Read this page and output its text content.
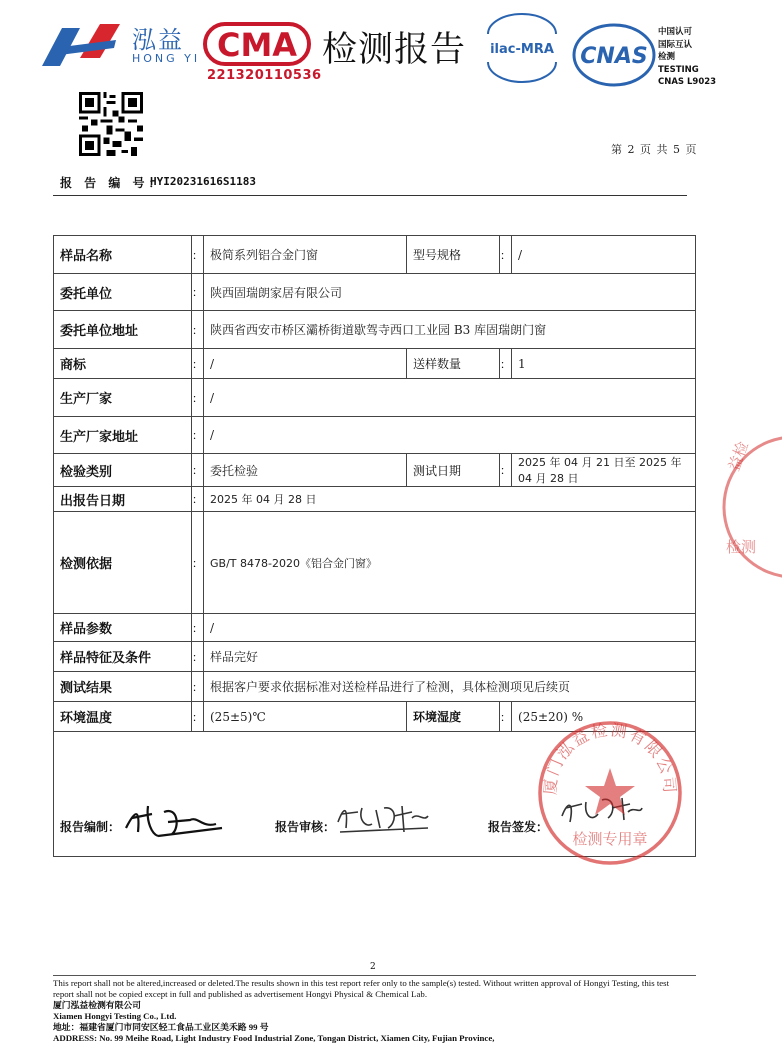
泓益
HONG YI CMA
221320110536
检测报告 ilac-MRA CNAS
中国认可
国际互认
检测
TESTING
CNAS L9023
第 2 页 共 5 页
报 告 编 号：
HYI20231616S1183
样品名称	：	极简系列铝合金门窗	型号规格	：	/
委托单位	：	陕西固瑞朗家居有限公司			
委托单位地址	：	陕西省西安市桥区灞桥街道歇驾寺西口工业园 B3 库固瑞朗门窗			
商标	：	/	送样数量	：	1
生产厂家	：	/			
生产厂家地址	：	/			
检验类别	：	委托检验	测试日期	：	2025 年 04 月 21 日至 2025 年 04 月 28 日
出报告日期	：	2025 年 04 月 28 日			
检测依据	：	GB/T 8478-2020《铝合金门窗》			
样品参数	：	/			
样品特征及条件	：	样品完好			
测试结果	：	根据客户要求依据标准对送检样品进行了检测，具体检测项见后续页			
环境温度	：	(25±5)℃	环境湿度	：	(25±20) %

报告编制：	报告审核：	报告签发：
厦门泓益检测有限公司
检测专用章
益检
检测
2
This report shall not be altered,increased or deleted.The results shown in this test report refer only to the sample(s) tested. Without written approval of Hongyi Testing, this test report shall not be copied except in full and published as advertisement Hongyi Physical & Chemical Lab.
厦门泓益检测有限公司
Xiamen Hongyi Testing Co., Ltd.
地址：福建省厦门市同安区轻工食品工业区美禾路 99 号
ADDRESS: No. 99 Meihe Road, Light Industry Food Industrial Zone, Tongan District, Xiamen City, Fujian Province,
